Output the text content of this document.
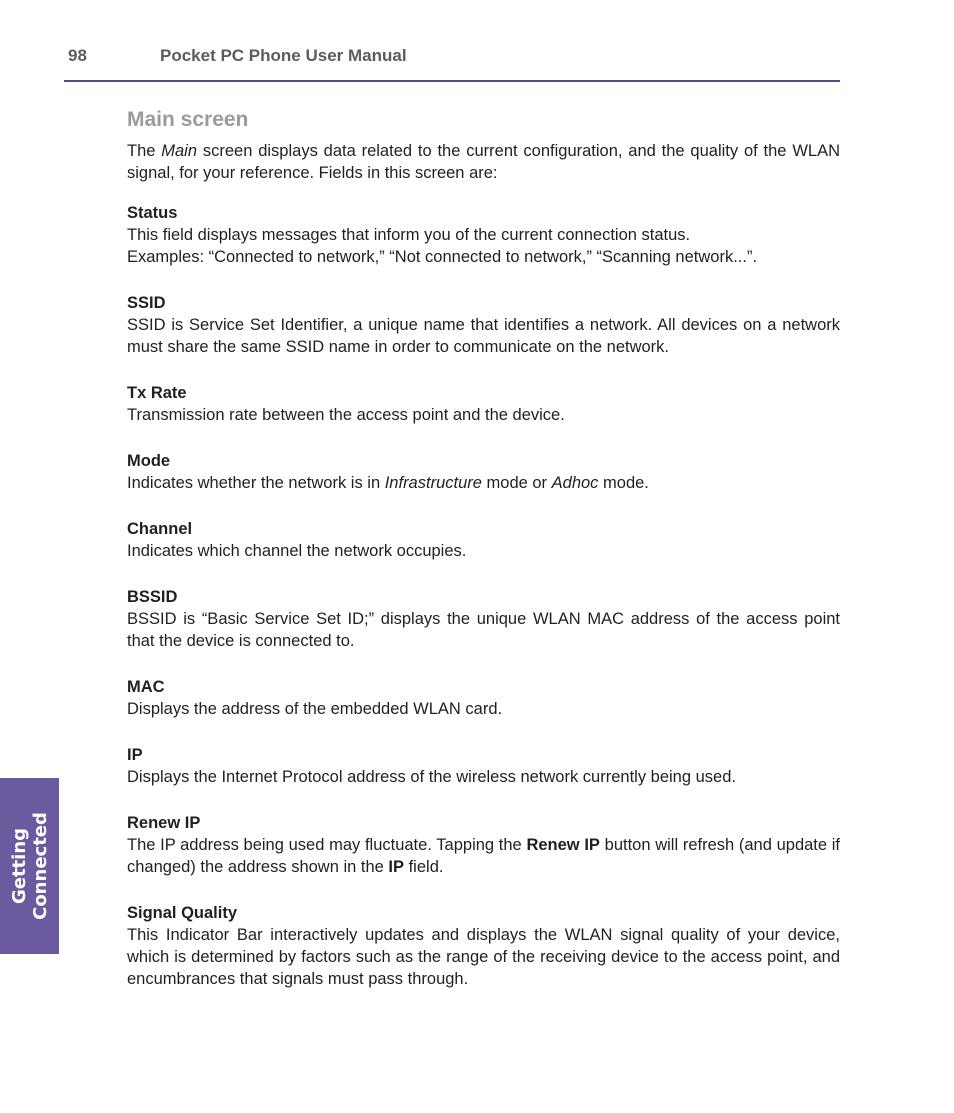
98	Pocket PC Phone User Manual
Main screen

The Main screen displays data related to the current configuration, and the quality of the WLAN signal, for your reference. Fields in this screen are:

Status

This field displays messages that inform you of the current connection status.

Examples: “Connected to network,” “Not connected to network,” “Scanning network...”.

SSID

SSID is Service Set Identifier, a unique name that identifies a network. All devices on a network must share the same SSID name in order to communicate on the network.

Tx Rate

Transmission rate between the access point and the device.

Mode

Indicates whether the network is in Infrastructure mode or Adhoc mode.

Channel

Indicates which channel the network occupies.

BSSID

BSSID is “Basic Service Set ID;” displays the unique WLAN MAC address of the access point that the device is connected to.

MAC

Displays the address of the embedded WLAN card.

IP

Displays the Internet Protocol address of the wireless network currently being used.

Renew IP

The IP address being used may fluctuate. Tapping the Renew IP button will refresh (and update if changed) the address shown in the IP field.

Signal Quality

This Indicator Bar interactively updates and displays the WLAN signal quality of your device, which is determined by factors such as the range of the receiving device to the access point, and encumbrances that signals must pass through.

Getting Connected
